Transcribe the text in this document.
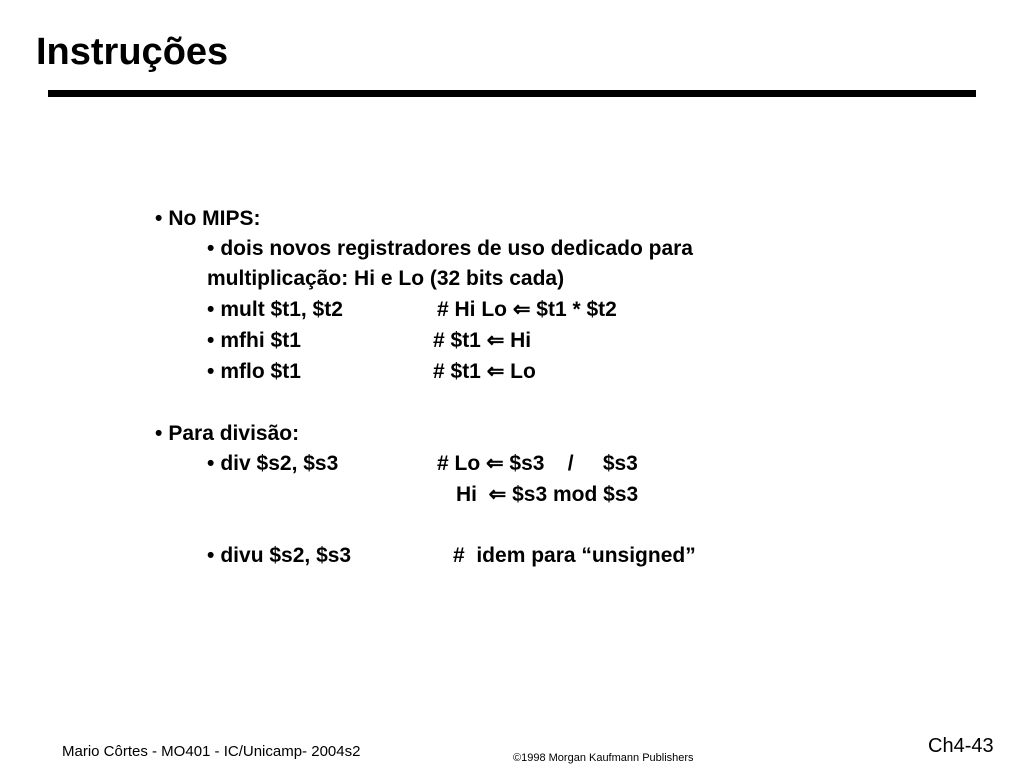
Instruções
• No MIPS:
• dois novos registradores de uso dedicado para
multiplicação: Hi e Lo (32 bits cada)
• mult $t1, $t2	# Hi Lo ⇐ $t1 * $t2
• mfhi $t1	# $t1 ⇐ Hi
• mflo $t1	# $t1 ⇐ Lo
• Para divisão:
• div $s2, $s3	# Lo ⇐ $s3    /     $s3
Hi  ⇐ $s3 mod $s3
• divu $s2, $s3	#  idem para “unsigned”
Mario Côrtes - MO401 - IC/Unicamp- 2004s2	©1998 Morgan Kaufmann Publishers
Ch4-43
